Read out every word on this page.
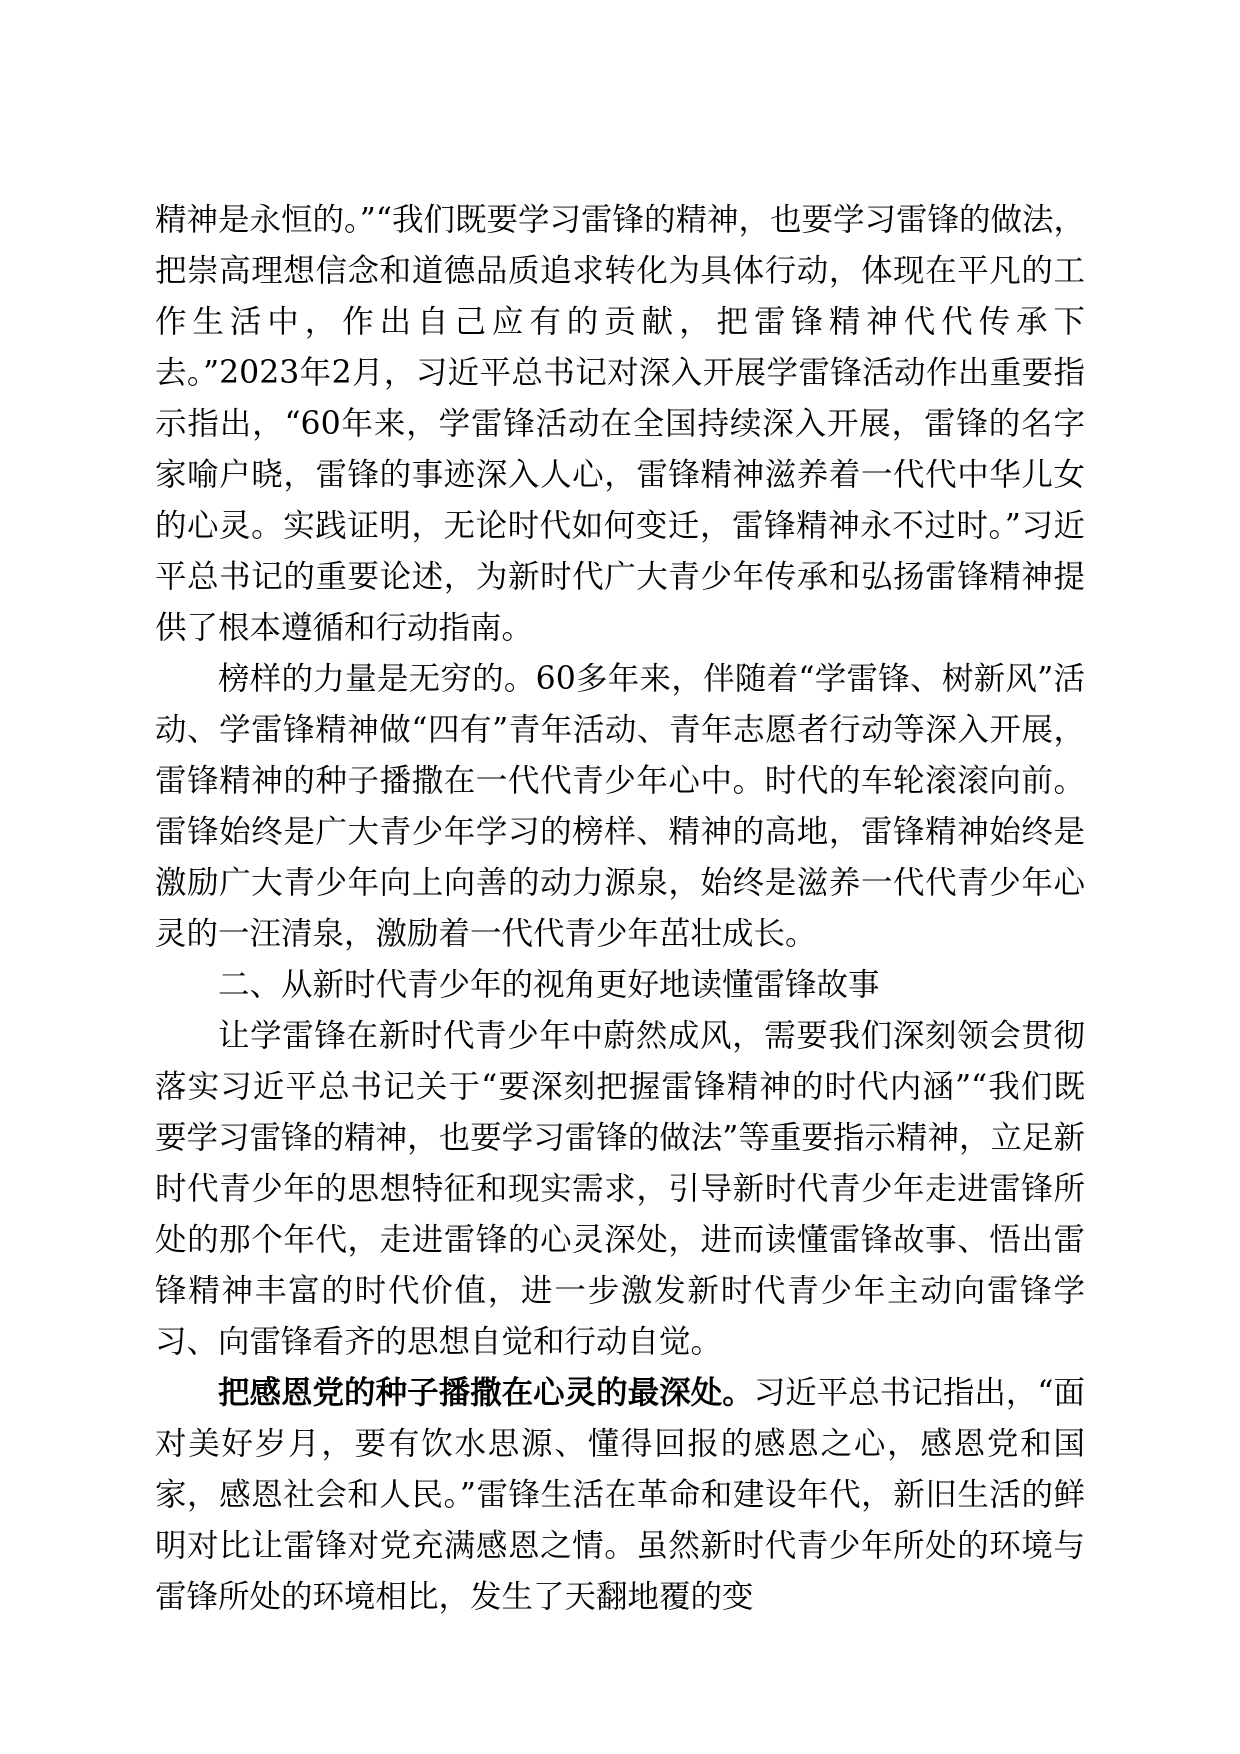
精神是永恒的。”“我们既要学习雷锋的精神，也要学习雷锋的做法，把崇高理想信念和道德品质追求转化为具体行动，体现在平凡的工作生活中，作出自己应有的贡献，把雷锋精神代代传承下去。”2023年2月，习近平总书记对深入开展学雷锋活动作出重要指示指出，“60年来，学雷锋活动在全国持续深入开展，雷锋的名字家喻户晓，雷锋的事迹深入人心，雷锋精神滋养着一代代中华儿女的心灵。实践证明，无论时代如何变迁，雷锋精神永不过时。”习近平总书记的重要论述，为新时代广大青少年传承和弘扬雷锋精神提供了根本遵循和行动指南。

榜样的力量是无穷的。60多年来，伴随着“学雷锋、树新风”活动、学雷锋精神做“四有”青年活动、青年志愿者行动等深入开展，雷锋精神的种子播撒在一代代青少年心中。时代的车轮滚滚向前。雷锋始终是广大青少年学习的榜样、精神的高地，雷锋精神始终是激励广大青少年向上向善的动力源泉，始终是滋养一代代青少年心灵的一汪清泉，激励着一代代青少年茁壮成长。

二、从新时代青少年的视角更好地读懂雷锋故事

让学雷锋在新时代青少年中蔚然成风，需要我们深刻领会贯彻落实习近平总书记关于“要深刻把握雷锋精神的时代内涵”“我们既要学习雷锋的精神，也要学习雷锋的做法”等重要指示精神，立足新时代青少年的思想特征和现实需求，引导新时代青少年走进雷锋所处的那个年代，走进雷锋的心灵深处，进而读懂雷锋故事、悟出雷锋精神丰富的时代价值，进一步激发新时代青少年主动向雷锋学习、向雷锋看齐的思想自觉和行动自觉。

把感恩党的种子播撒在心灵的最深处。习近平总书记指出，“面对美好岁月，要有饮水思源、懂得回报的感恩之心，感恩党和国家，感恩社会和人民。”雷锋生活在革命和建设年代，新旧生活的鲜明对比让雷锋对党充满感恩之情。虽然新时代青少年所处的环境与雷锋所处的环境相比，发生了天翻地覆的变
